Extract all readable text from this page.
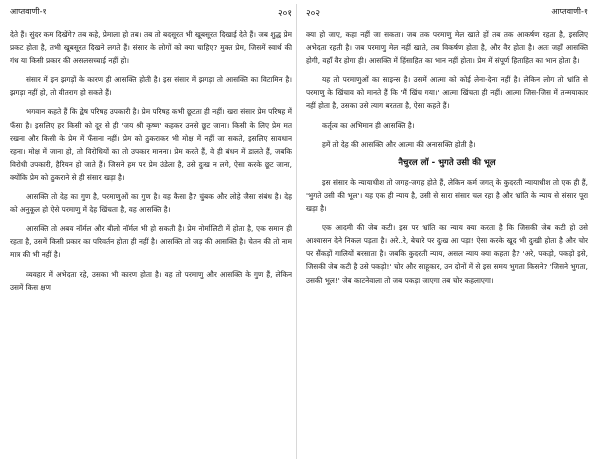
आप्तवाणी-१	२०१

देते हैं। सुंदर कम दिखेंगे? तब कहे, प्रेमाला हो तब। तब तो बदसूरत भी खूबसूरत दिखाई देते हैं। जब शुद्ध प्रेम प्रकट होता है, तभी खूबसूरत दिखने लगते हैं। संसार के लोगों को क्या चाहिए? मुक्त प्रेम, जिसमें स्वार्थ की गंध या किसी प्रकार की असलसच्चाई नहीं हो।

संसार में इन झगड़ों के कारण ही आसक्ति होती है। इस संसार में झगड़ा तो आसक्ति का विटामिन है। झगड़ा नहीं हो, तो वीतराग हो सकते हैं।

भगवान कहते हैं कि द्वेष परिषह उपकारी है। प्रेम परिषह कभी छूटता ही नहीं। खरा संसार प्रेम परिषह में फँसा है। इसलिए हर किसी को दूर से ही 'जय श्री कृष्ण' कहकर उनसे छूट जाना। किसी के लिए प्रेम मत रखना और किसी के प्रेम में फँसना नहीं। प्रेम को ठुकराकर भी मोक्ष में नहीं जा सकते, इसलिए सावधान रहना। मोक्ष में जाना हो, तो विरोधियों का तो उपकार मानना। प्रेम करते हैं, वे ही बंधन में डालते हैं, जबकि विरोधी उपकारी, हैरियन हो जाते हैं। जिसने हम पर प्रेम उंडेला है, उसे दुःख न लगे, ऐसा करके छूट जाना, क्योंकि प्रेम को ठुकराने से ही संसार खड़ा है।

आसक्ति तो देह का गुण है, परमाणुओं का गुण है। वह कैसा है? चुंबक और लोहे जैसा संबंध है। देह को अनुकूल हो ऐसे परमाणु में देह खिंचता है, वह आसक्ति है।

आसक्ति तो अबव नॉर्मल और बीलो नॉर्मल भी हो सकती है। प्रेम नोर्मालिटी में होता है, एक समान ही रहता है, उसमें किसी प्रकार का परिवर्तन होता ही नहीं है। आसक्ति तो जड़ की आसक्ति है। चेतन की तो नाम मात्र की भी नहीं है।

व्यवहार में अभेदता रहे, उसका भी कारण होता है। वह तो परमाणु और आसक्ति के गुण हैं, लेकिन उसमें किस क्षण

२०२	आप्तवाणी-१

क्या हो जाए, कहा नहीं जा सकता। जब तक परमाणु मेल खाते हों तब तक आकर्षण रहता है, इसलिए अभेदता रहती है। जब परमाणु मेल नहीं खाते, तब विकर्षण होता है, और वैर होता है। अतः जहाँ आसक्ति होगी, वहाँ वैर होगा ही। आसक्ति में हिंसाहित का भान नहीं होता। प्रेम में संपूर्ण हिताहित का भान होता है।

यह तो परमाणुओं का साइन्स है। उसमें आत्मा को कोई लेना-देना नहीं है। लेकिन लोग तो भ्रांति से परमाणु के खिंचाव को मानते हैं कि 'मैं खिंच गया।' आत्मा खिंचता ही नहीं। आत्मा जिस-जिस में तन्मयाकार नहीं होता है, उसका उसे त्याग बरतता है, ऐसा कहते हैं।

कर्तृत्व का अभिमान ही आसक्ति है।

हमें तो देह की आसक्ति और आत्मा की अनासक्ति होती है।

नैचुरल लॉ - भुगते उसी की भूल

इस संसार के न्यायाधीश तो जगह-जगह होते हैं, लेकिन कर्म जगत् के कुदरती न्यायाधीश तो एक ही हैं, 'भुगते उसी की भूल'। यह एक ही न्याय है, उसी से सारा संसार चल रहा है और भ्रांति के न्याय से संसार पूरा खड़ा है।

एक आदमी की जेब कटी। इस पर भ्रांति का न्याय क्या करता है कि जिसकी जेब कटी हो उसे आश्वासन देने निकल पड़ता है। अरे..रे, बेचारे पर दुःख आ पड़ा! ऐसा करके खूद भी दुःखी होता है और चोर पर सैंकड़ों गालियों बरसाता है। जबकि कुदरती न्याय, असल न्याय क्या कहता है? 'अरे, पकड़ो, पकड़ो इसे, जिसकी जेब कटी है उसे पकड़ो!' चोर और साहूकार, उन दोनों में से इस समय भुगता किसने? 'जिसने भुगता, उसकी भूल!' जेब काटनेवाला तो जब पकड़ा जाएगा तब चोर कहलाएगा।
